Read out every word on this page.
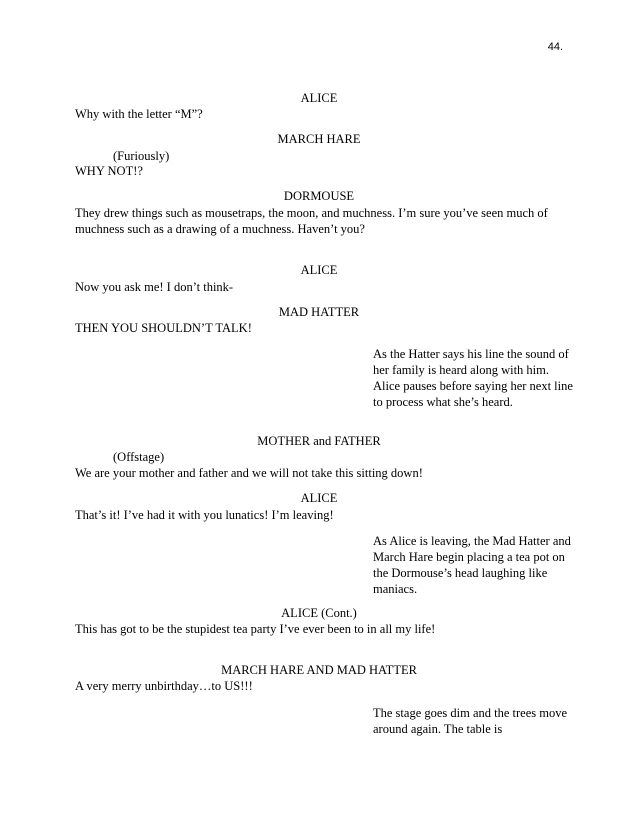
44.
ALICE
Why with the letter “M”?
MARCH HARE
(Furiously)
WHY NOT!?
DORMOUSE
They drew things such as mousetraps, the moon, and muchness. I’m sure you’ve seen much of muchness such as a drawing of a muchness. Haven’t you?
ALICE
Now you ask me! I don’t think-
MAD HATTER
THEN YOU SHOULDN’T TALK!
As the Hatter says his line the sound of her family is heard along with him. Alice pauses before saying her next line to process what she’s heard.
MOTHER and FATHER
(Offstage)
We are your mother and father and we will not take this sitting down!
ALICE
That’s it! I’ve had it with you lunatics! I’m leaving!
As Alice is leaving, the Mad Hatter and March Hare begin placing a tea pot on the Dormouse’s head laughing like maniacs.
ALICE (Cont.)
This has got to be the stupidest tea party I’ve ever been to in all my life!
MARCH HARE AND MAD HATTER
A very merry unbirthday…to US!!!
The stage goes dim and the trees move around again. The table is
